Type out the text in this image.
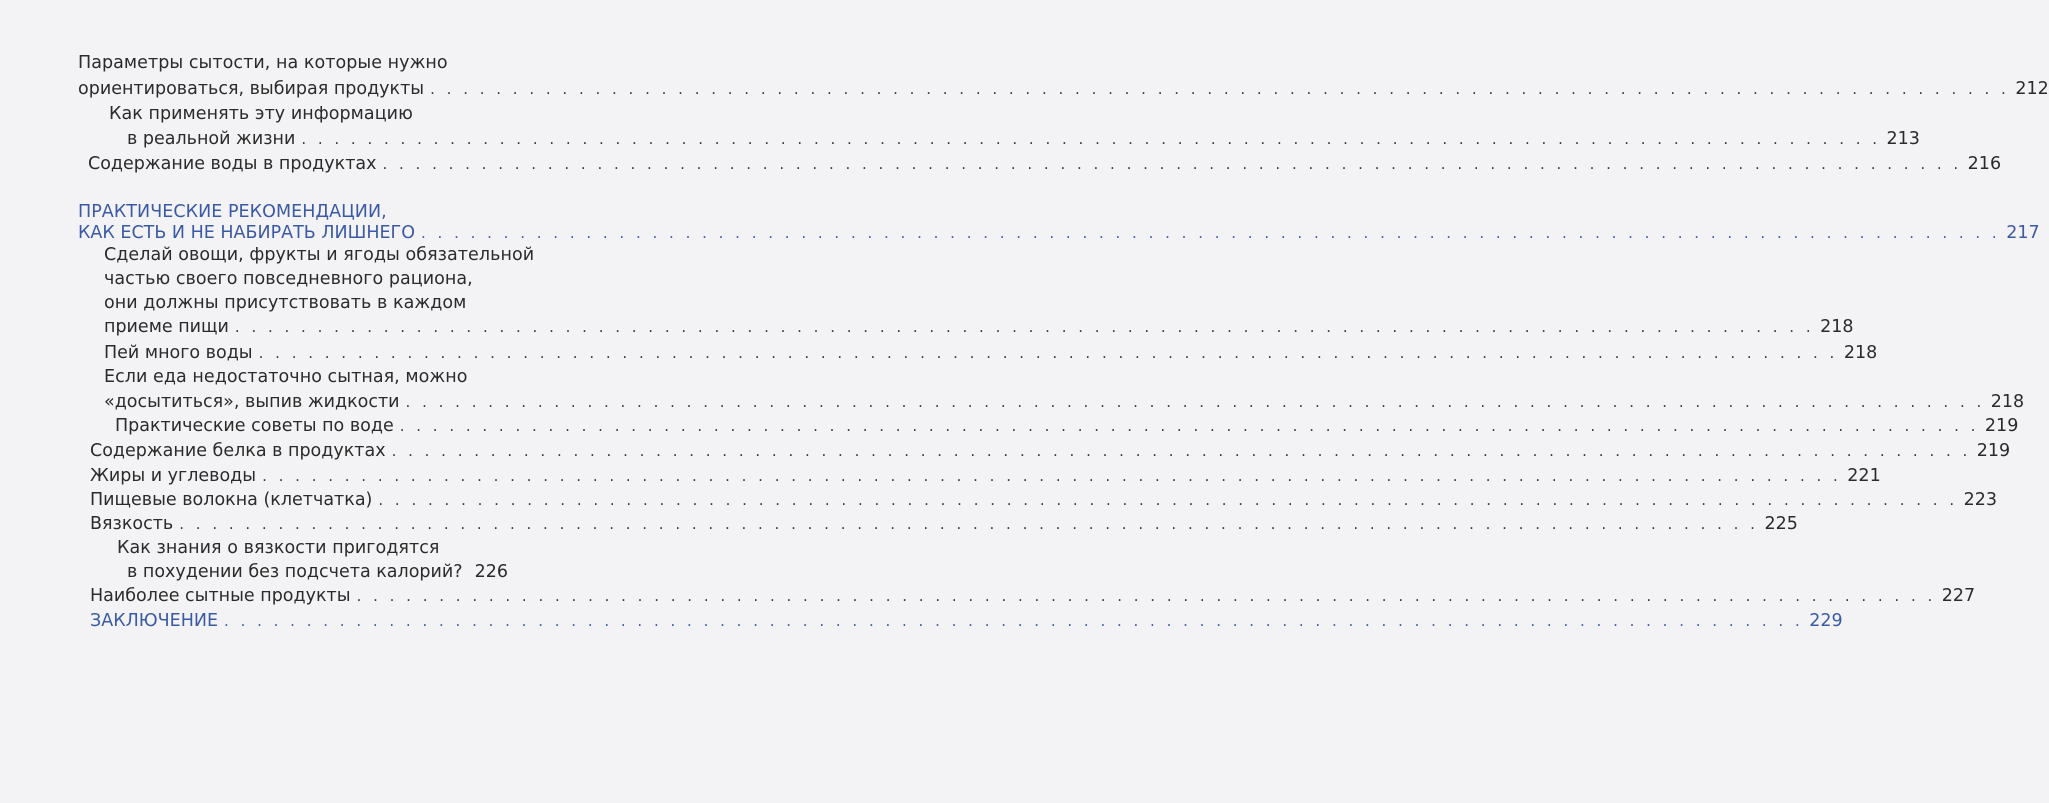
Параметры сытости, на которые нужно
ориентироваться, выбирая продукты . . . . . . . . . . . . . . . . . . . . . . . . . . . . . . . . . . . . . . . . . . . . . . . . . . . . . . . . . . . . . . . . . . . . . . . . . . . . . . . . . . . . . . . . . . . . . . . . 212
Как применять эту информацию
в реальной жизни . . . . . . . . . . . . . . . . . . . . . . . . . . . . . . . . . . . . . . . . . . . . . . . . . . . . . . . . . . . . . . . . . . . . . . . . . . . . . . . . . . . . . . . . . . . . . . . . 213
Содержание воды в продуктах . . . . . . . . . . . . . . . . . . . . . . . . . . . . . . . . . . . . . . . . . . . . . . . . . . . . . . . . . . . . . . . . . . . . . . . . . . . . . . . . . . . . . . . . . . . . . . . . 216
ПРАКТИЧЕСКИЕ РЕКОМЕНДАЦИИ,
КАК ЕСТЬ И НЕ НАБИРАТЬ ЛИШНЕГО . . . . . . . . . . . . . . . . . . . . . . . . . . . . . . . . . . . . . . . . . . . . . . . . . . . . . . . . . . . . . . . . . . . . . . . . . . . . . . . . . . . . . . . . . . . . . . . . 217
Сделай овощи, фрукты и ягоды обязательной
частью своего повседневного рациона,
они должны присутствовать в каждом
приеме пищи . . . . . . . . . . . . . . . . . . . . . . . . . . . . . . . . . . . . . . . . . . . . . . . . . . . . . . . . . . . . . . . . . . . . . . . . . . . . . . . . . . . . . . . . . . . . . . . . 218
Пей много воды . . . . . . . . . . . . . . . . . . . . . . . . . . . . . . . . . . . . . . . . . . . . . . . . . . . . . . . . . . . . . . . . . . . . . . . . . . . . . . . . . . . . . . . . . . . . . . . . 218
Если еда недостаточно сытная, можно
«досытиться», выпив жидкости . . . . . . . . . . . . . . . . . . . . . . . . . . . . . . . . . . . . . . . . . . . . . . . . . . . . . . . . . . . . . . . . . . . . . . . . . . . . . . . . . . . . . . . . . . . . . . . . 218
Практические советы по воде . . . . . . . . . . . . . . . . . . . . . . . . . . . . . . . . . . . . . . . . . . . . . . . . . . . . . . . . . . . . . . . . . . . . . . . . . . . . . . . . . . . . . . . . . . . . . . . . 219
Содержание белка в продуктах . . . . . . . . . . . . . . . . . . . . . . . . . . . . . . . . . . . . . . . . . . . . . . . . . . . . . . . . . . . . . . . . . . . . . . . . . . . . . . . . . . . . . . . . . . . . . . . . 219
Жиры и углеводы . . . . . . . . . . . . . . . . . . . . . . . . . . . . . . . . . . . . . . . . . . . . . . . . . . . . . . . . . . . . . . . . . . . . . . . . . . . . . . . . . . . . . . . . . . . . . . . . 221
Пищевые волокна (клетчатка) . . . . . . . . . . . . . . . . . . . . . . . . . . . . . . . . . . . . . . . . . . . . . . . . . . . . . . . . . . . . . . . . . . . . . . . . . . . . . . . . . . . . . . . . . . . . . . . . 223
Вязкость . . . . . . . . . . . . . . . . . . . . . . . . . . . . . . . . . . . . . . . . . . . . . . . . . . . . . . . . . . . . . . . . . . . . . . . . . . . . . . . . . . . . . . . . . . . . . . . . 225
Как знания о вязкости пригодятся
в похудении без подсчета калорий? 226
Наиболее сытные продукты . . . . . . . . . . . . . . . . . . . . . . . . . . . . . . . . . . . . . . . . . . . . . . . . . . . . . . . . . . . . . . . . . . . . . . . . . . . . . . . . . . . . . . . . . . . . . . . . 227
ЗАКЛЮЧЕНИЕ . . . . . . . . . . . . . . . . . . . . . . . . . . . . . . . . . . . . . . . . . . . . . . . . . . . . . . . . . . . . . . . . . . . . . . . . . . . . . . . . . . . . . . . . . . . . . . . . 229
